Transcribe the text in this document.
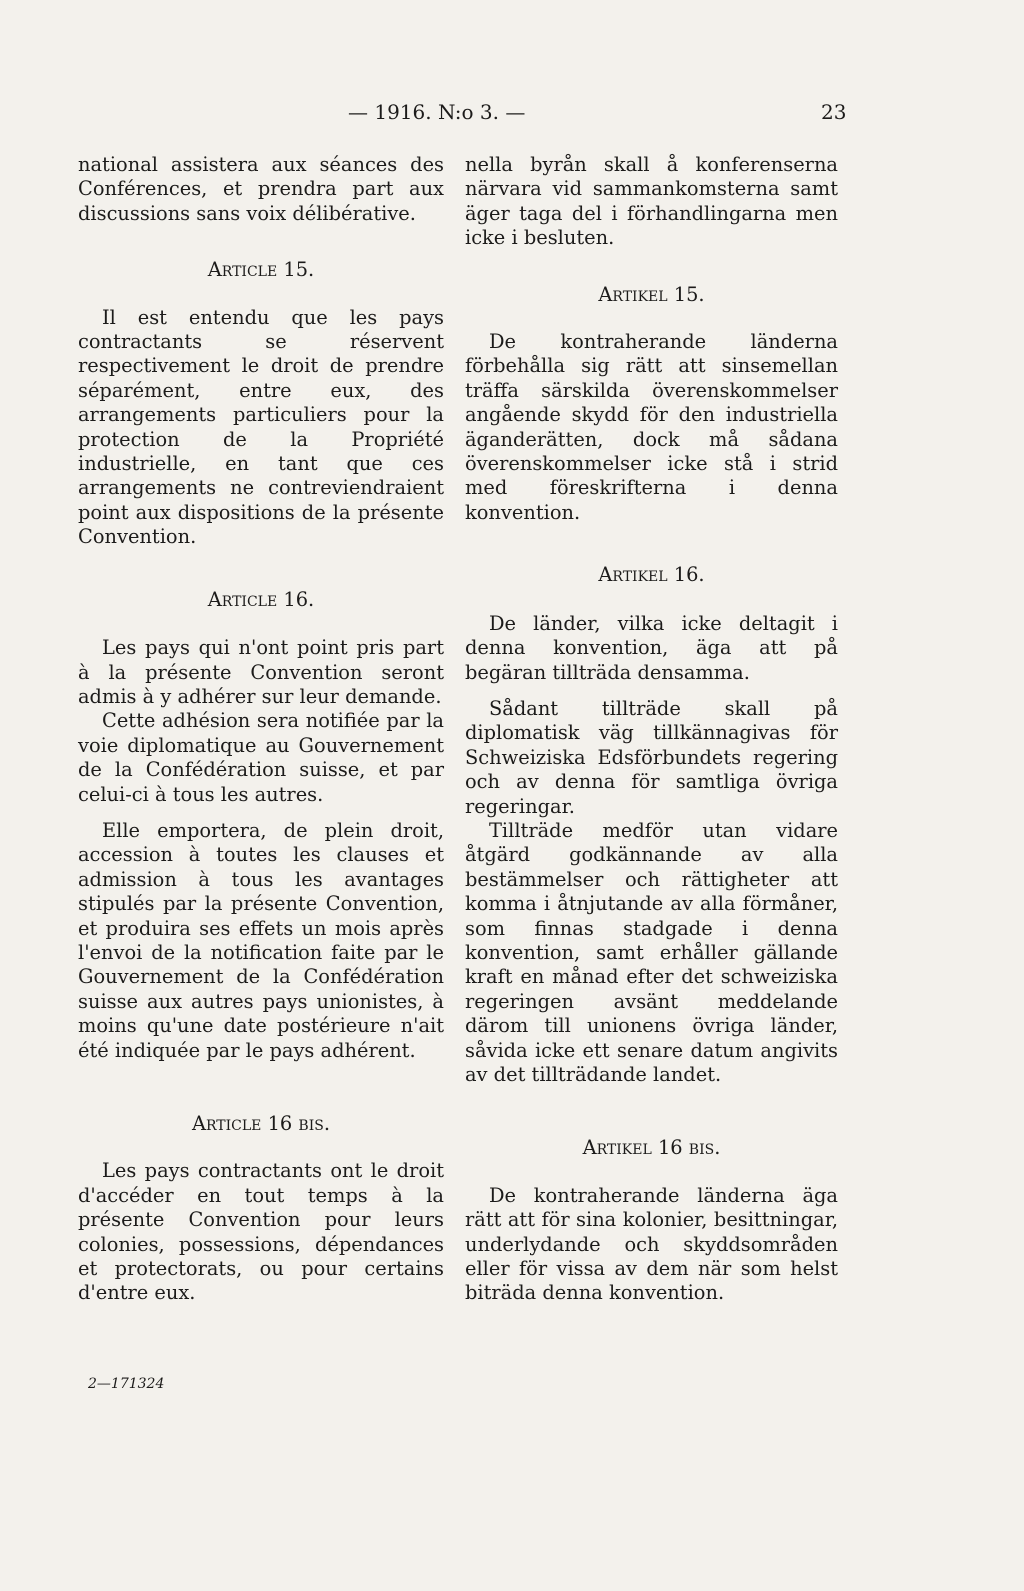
— 1916. N:o 3. —	23

national assistera aux séances des Conférences, et prendra part aux discussions sans voix délibérative.

Article 15.

Il est entendu que les pays contractants se réservent respectivement le droit de prendre séparément, entre eux, des arrangements particuliers pour la protection de la Propriété industrielle, en tant que ces arrangements ne contreviendraient point aux dispositions de la présente Convention.

Article 16.

Les pays qui n'ont point pris part à la présente Convention seront admis à y adhérer sur leur demande.

Cette adhésion sera notifiée par la voie diplomatique au Gouvernement de la Confédération suisse, et par celui-ci à tous les autres.

Elle emportera, de plein droit, accession à toutes les clauses et admission à tous les avantages stipulés par la présente Convention, et produira ses effets un mois après l'envoi de la notification faite par le Gouvernement de la Confédération suisse aux autres pays unionistes, à moins qu'une date postérieure n'ait été indiquée par le pays adhérent.

Article 16 bis.

Les pays contractants ont le droit d'accéder en tout temps à la présente Convention pour leurs colonies, possessions, dépendances et protectorats, ou pour certains d'entre eux.

nella byrån skall å konferenserna närvara vid sammankomsterna samt äger taga del i förhandlingarna men icke i besluten.

Artikel 15.

De kontraherande länderna förbehålla sig rätt att sinsemellan träffa särskilda överenskommelser angående skydd för den industriella äganderätten, dock må sådana överenskommelser icke stå i strid med föreskrifterna i denna konvention.

Artikel 16.

De länder, vilka icke deltagit i denna konvention, äga att på begäran tillträda densamma.

Sådant tillträde skall på diplomatisk väg tillkännagivas för Schweiziska Edsförbundets regering och av denna för samtliga övriga regeringar.

Tillträde medför utan vidare åtgärd godkännande av alla bestämmelser och rättigheter att komma i åtnjutande av alla förmåner, som finnas stadgade i denna konvention, samt erhåller gällande kraft en månad efter det schweiziska regeringen avsänt meddelande därom till unionens övriga länder, såvida icke ett senare datum angivits av det tillträdande landet.

Artikel 16 bis.

De kontraherande länderna äga rätt att för sina kolonier, besittningar, underlydande och skyddsområden eller för vissa av dem när som helst biträda denna konvention.

2—171324
